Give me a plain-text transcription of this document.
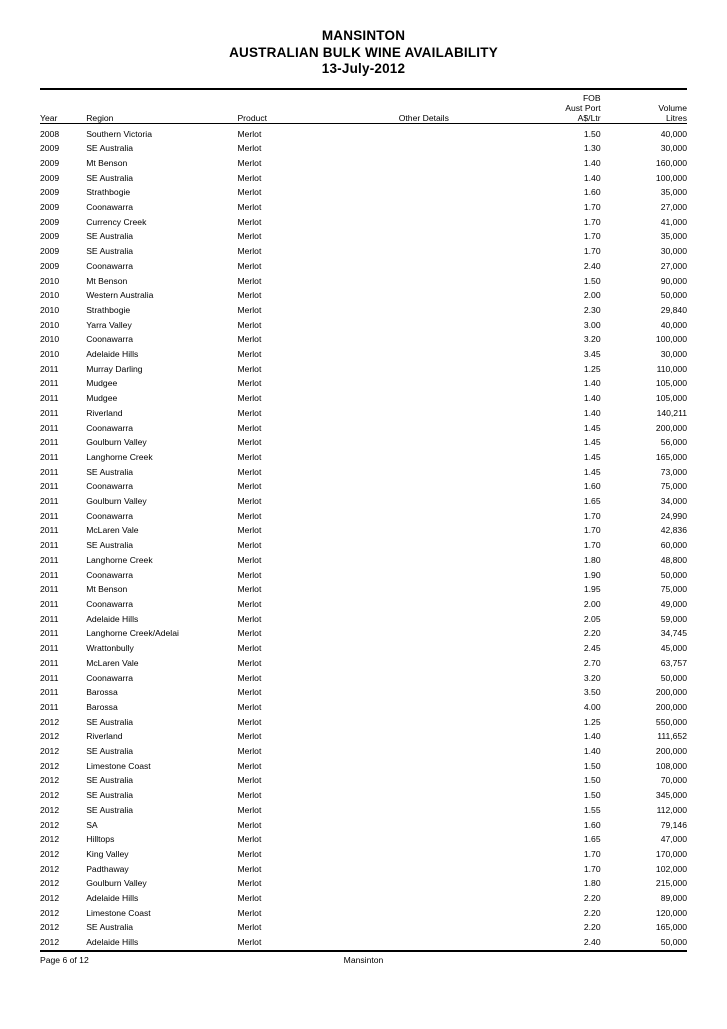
MANSINTON
AUSTRALIAN BULK WINE AVAILABILITY
13-July-2012

Year	Region	Product	Other Details	FOB
Aust Port
A$/Ltr	Volume
Litres

2008	Southern Victoria	Merlot		1.50	40,000
2009	SE Australia	Merlot		1.30	30,000
2009	Mt Benson	Merlot		1.40	160,000
2009	SE Australia	Merlot		1.40	100,000
2009	Strathbogie	Merlot		1.60	35,000
2009	Coonawarra	Merlot		1.70	27,000
2009	Currency Creek	Merlot		1.70	41,000
2009	SE Australia	Merlot		1.70	35,000
2009	SE Australia	Merlot		1.70	30,000
2009	Coonawarra	Merlot		2.40	27,000
2010	Mt Benson	Merlot		1.50	90,000
2010	Western Australia	Merlot		2.00	50,000
2010	Strathbogie	Merlot		2.30	29,840
2010	Yarra Valley	Merlot		3.00	40,000
2010	Coonawarra	Merlot		3.20	100,000
2010	Adelaide Hills	Merlot		3.45	30,000
2011	Murray Darling	Merlot		1.25	110,000
2011	Mudgee	Merlot		1.40	105,000
2011	Mudgee	Merlot		1.40	105,000
2011	Riverland	Merlot		1.40	140,211
2011	Coonawarra	Merlot		1.45	200,000
2011	Goulburn Valley	Merlot		1.45	56,000
2011	Langhorne Creek	Merlot		1.45	165,000
2011	SE Australia	Merlot		1.45	73,000
2011	Coonawarra	Merlot		1.60	75,000
2011	Goulburn Valley	Merlot		1.65	34,000
2011	Coonawarra	Merlot		1.70	24,990
2011	McLaren Vale	Merlot		1.70	42,836
2011	SE Australia	Merlot		1.70	60,000
2011	Langhorne Creek	Merlot		1.80	48,800
2011	Coonawarra	Merlot		1.90	50,000
2011	Mt Benson	Merlot		1.95	75,000
2011	Coonawarra	Merlot		2.00	49,000
2011	Adelaide Hills	Merlot		2.05	59,000
2011	Langhorne Creek/Adelai	Merlot		2.20	34,745
2011	Wrattonbully	Merlot		2.45	45,000
2011	McLaren Vale	Merlot		2.70	63,757
2011	Coonawarra	Merlot		3.20	50,000
2011	Barossa	Merlot		3.50	200,000
2011	Barossa	Merlot		4.00	200,000
2012	SE Australia	Merlot		1.25	550,000
2012	Riverland	Merlot		1.40	111,652
2012	SE Australia	Merlot		1.40	200,000
2012	Limestone Coast	Merlot		1.50	108,000
2012	SE Australia	Merlot		1.50	70,000
2012	SE Australia	Merlot		1.50	345,000
2012	SE Australia	Merlot		1.55	112,000
2012	SA	Merlot		1.60	79,146
2012	Hilltops	Merlot		1.65	47,000
2012	King Valley	Merlot		1.70	170,000
2012	Padthaway	Merlot		1.70	102,000
2012	Goulburn Valley	Merlot		1.80	215,000
2012	Adelaide Hills	Merlot		2.20	89,000
2012	Limestone Coast	Merlot		2.20	120,000
2012	SE Australia	Merlot		2.20	165,000
2012	Adelaide Hills	Merlot		2.40	50,000

Page 6 of 12	Mansinton
